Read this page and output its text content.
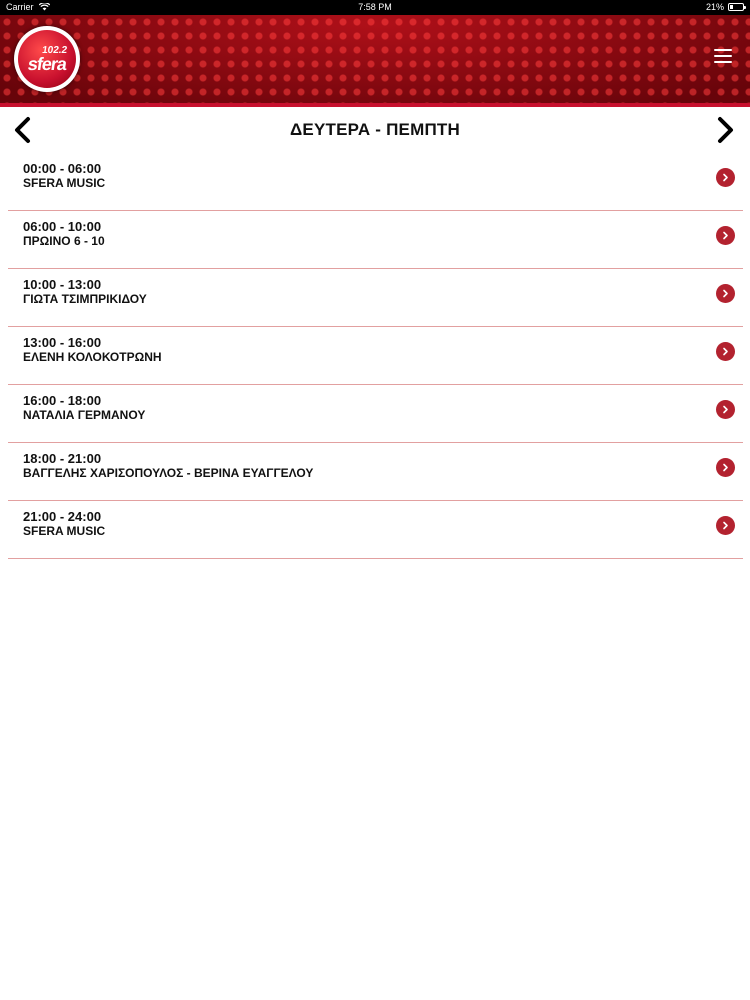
Carrier	7:58 PM	21%
102.2
sfera
ΔΕΥΤΕΡΑ - ΠΕΜΠΤΗ
00:00 - 06:00
SFERA MUSIC
06:00 - 10:00
ΠΡΩΙΝΟ 6 - 10
10:00 - 13:00
ΓΙΩΤΑ ΤΣΙΜΠΡΙΚΙΔΟΥ
13:00 - 16:00
ΕΛΕΝΗ ΚΟΛΟΚΟΤΡΩΝΗ
16:00 - 18:00
ΝΑΤΑΛΙΑ ΓΕΡΜΑΝΟΥ
18:00 - 21:00
ΒΑΓΓΕΛΗΣ ΧΑΡΙΣΟΠΟΥΛΟΣ - ΒΕΡΙΝΑ ΕΥΑΓΓΕΛΟΥ
21:00 - 24:00
SFERA MUSIC
